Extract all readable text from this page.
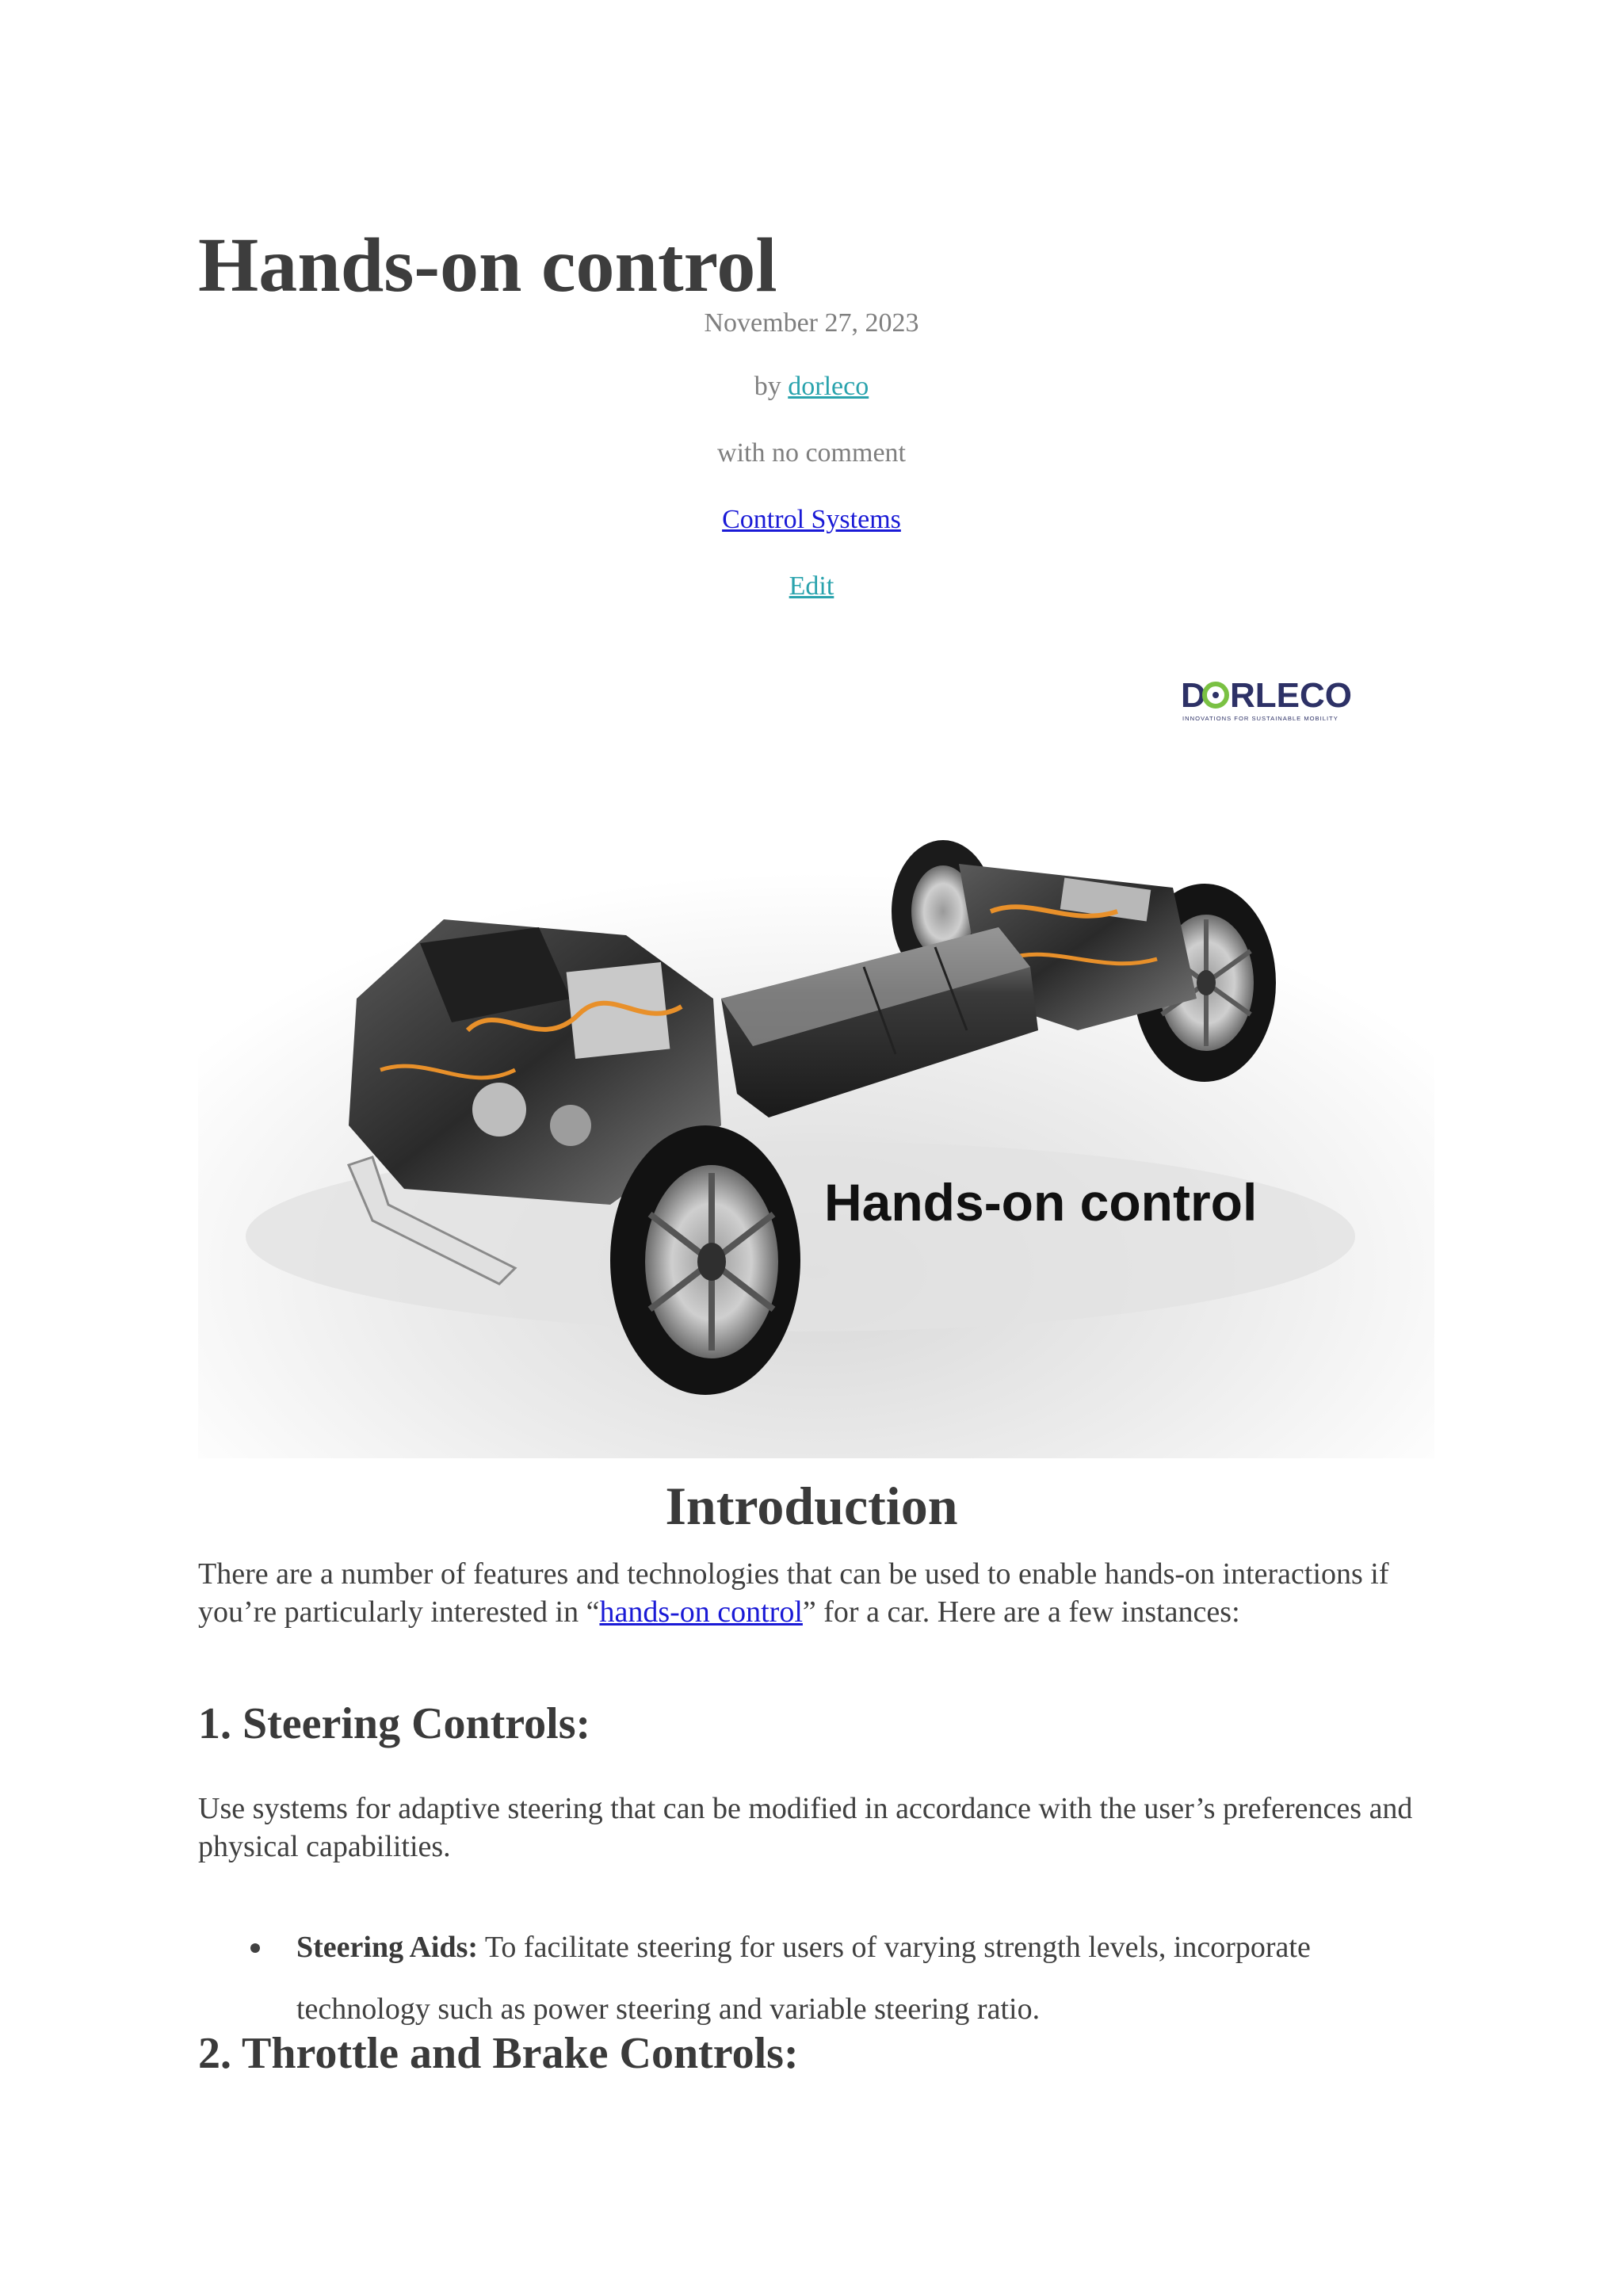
Hands-on control
November 27, 2023
by dorleco
with no comment
Control Systems
Edit
D RLECO
INNOVATIONS FOR SUSTAINABLE MOBILITY
Hands-on control
Introduction

There are a number of features and technologies that can be used to enable hands-on interactions if you’re particularly interested in “hands-on control” for a car. Here are a few instances:

1. Steering Controls:

Use systems for adaptive steering that can be modified in accordance with the user’s preferences and physical capabilities.

Steering Aids: To facilitate steering for users of varying strength levels, incorporate technology such as power steering and variable steering ratio.
2. Throttle and Brake Controls:
